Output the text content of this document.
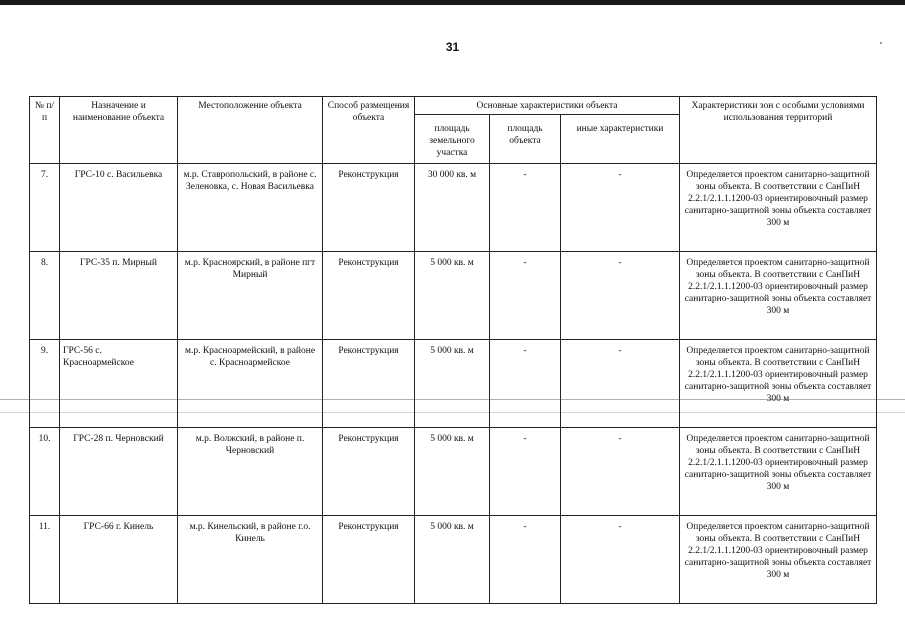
31
№ п/п	Назначение и наименование объекта	Местоположение объекта	Способ размещения объекта	Основные характеристики объекта			Характеристики зон с особыми условиями использования территорий
				площадь земельного участка	площадь объекта	иные характеристики	
7.	ГРС-10 с. Васильевка	м.р. Ставропольский, в районе с. Зеленовка, с. Новая Васильевка	Реконструкция	30 000 кв. м	-	-	Определяется проектом санитарно-защитной зоны объекта. В соответствии с СанПиН 2.2.1/2.1.1.1200-03 ориентировочный размер санитарно-защитной зоны объекта составляет 300 м
8.	ГРС-35 п. Мирный	м.р. Красноярский, в районе пгт Мирный	Реконструкция	5 000 кв. м	-	-	Определяется проектом санитарно-защитной зоны объекта. В соответствии с СанПиН 2.2.1/2.1.1.1200-03 ориентировочный размер санитарно-защитной зоны объекта составляет 300 м
9.	ГРС-56 с. Красноармейское	м.р. Красноармейский, в районе с. Красноармейское	Реконструкция	5 000 кв. м	-	-	Определяется проектом санитарно-защитной зоны объекта. В соответствии с СанПиН 2.2.1/2.1.1.1200-03 ориентировочный размер санитарно-защитной зоны объекта составляет 300 м
10.	ГРС-28 п. Черновский	м.р. Волжский, в районе п. Черновский	Реконструкция	5 000 кв. м	-	-	Определяется проектом санитарно-защитной зоны объекта. В соответствии с СанПиН 2.2.1/2.1.1.1200-03 ориентировочный размер санитарно-защитной зоны объекта составляет 300 м
11.	ГРС-66 г. Кинель	м.р. Кинельский, в районе г.о. Кинель	Реконструкция	5 000 кв. м	-	-	Определяется проектом санитарно-защитной зоны объекта. В соответствии с СанПиН 2.2.1/2.1.1.1200-03 ориентировочный размер санитарно-защитной зоны объекта составляет 300 м
